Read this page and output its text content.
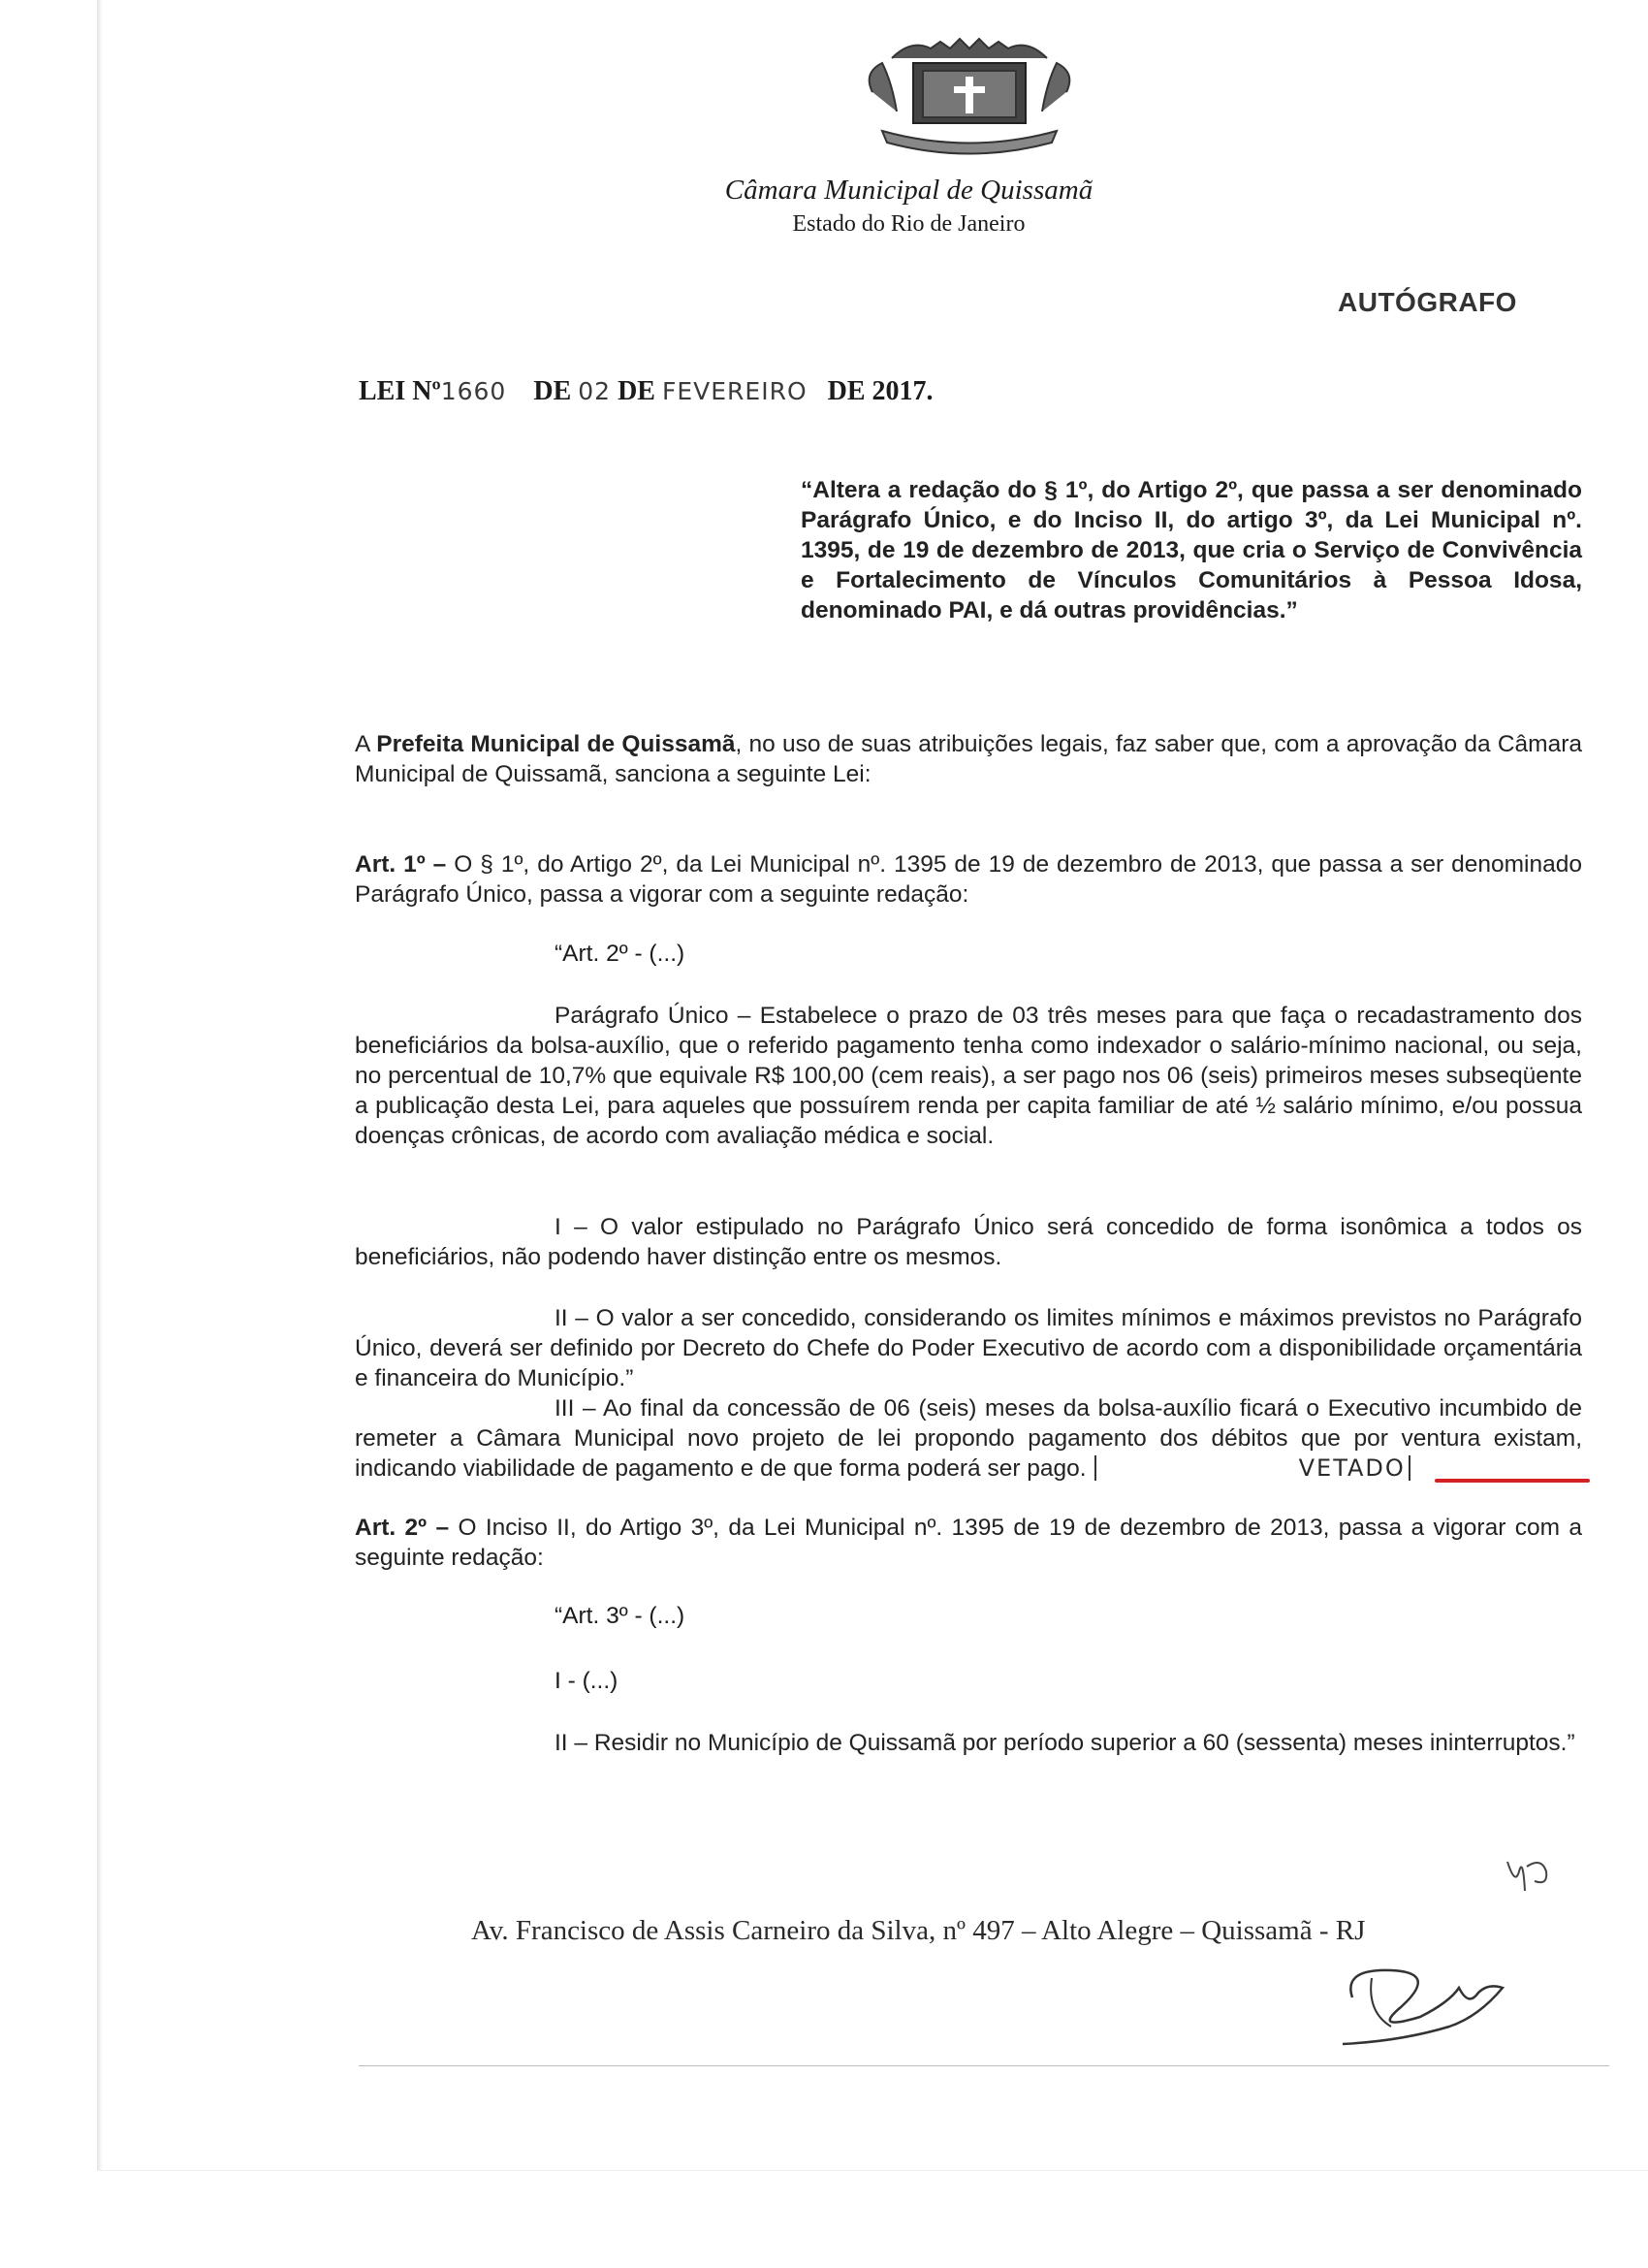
Câmara Municipal de Quissamã
Estado do Rio de Janeiro
AUTÓGRAFO
LEI Nº1660 DE 02 DE FEVEREIRO DE 2017.
“Altera a redação do § 1º, do Artigo 2º, que passa a ser denominado Parágrafo Único, e do Inciso II, do artigo 3º, da Lei Municipal nº. 1395, de 19 de dezembro de 2013, que cria o Serviço de Convivência e Fortalecimento de Vínculos Comunitários à Pessoa Idosa, denominado PAI, e dá outras providências.”
A Prefeita Municipal de Quissamã, no uso de suas atribuições legais, faz saber que, com a aprovação da Câmara Municipal de Quissamã, sanciona a seguinte Lei:
Art. 1º – O § 1º, do Artigo 2º, da Lei Municipal nº. 1395 de 19 de dezembro de 2013, que passa a ser denominado Parágrafo Único, passa a vigorar com a seguinte redação:
“Art. 2º - (...)
Parágrafo Único – Estabelece o prazo de 03 três meses para que faça o recadastramento dos beneficiários da bolsa-auxílio, que o referido pagamento tenha como indexador o salário-mínimo nacional, ou seja, no percentual de 10,7% que equivale R$ 100,00 (cem reais), a ser pago nos 06 (seis) primeiros meses subseqüente a publicação desta Lei, para aqueles que possuírem renda per capita familiar de até ½ salário mínimo, e/ou possua doenças crônicas, de acordo com avaliação médica e social.
I – O valor estipulado no Parágrafo Único será concedido de forma isonômica a todos os beneficiários, não podendo haver distinção entre os mesmos.
II – O valor a ser concedido, considerando os limites mínimos e máximos previstos no Parágrafo Único, deverá ser definido por Decreto do Chefe do Poder Executivo de acordo com a disponibilidade orçamentária e financeira do Município.”
III – Ao final da concessão de 06 (seis) meses da bolsa-auxílio ficará o Executivo incumbido de remeter a Câmara Municipal novo projeto de lei propondo pagamento dos débitos que por ventura existam, indicando viabilidade de pagamento e de que forma poderá ser pago.	VETADO
Art. 2º – O Inciso II, do Artigo 3º, da Lei Municipal nº. 1395 de 19 de dezembro de 2013, passa a vigorar com a seguinte redação:
“Art. 3º - (...)
I - (...)
II – Residir no Município de Quissamã por período superior a 60 (sessenta) meses ininterruptos.”
Av. Francisco de Assis Carneiro da Silva, nº 497 – Alto Alegre – Quissamã - RJ
